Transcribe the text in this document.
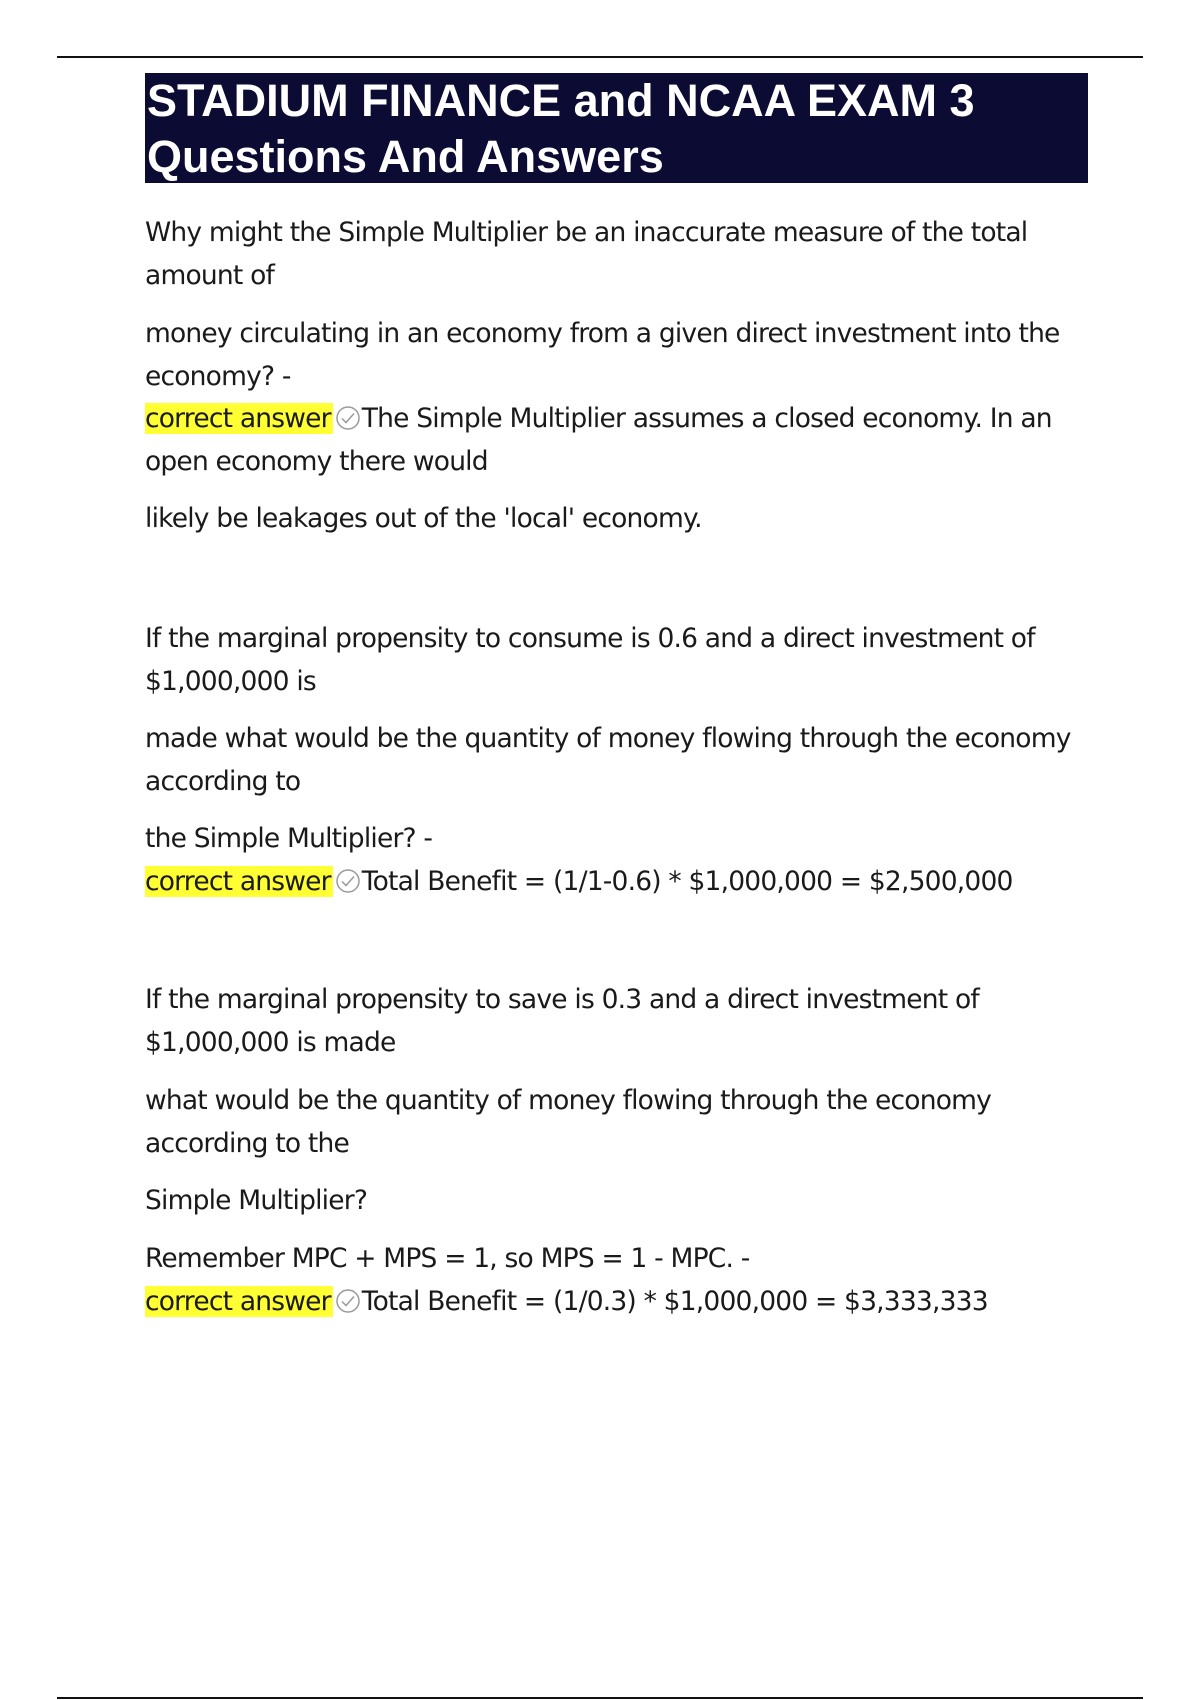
STADIUM FINANCE and NCAA EXAM 3
Questions And Answers

Why might the Simple Multiplier be an inaccurate measure of the total amount of

money circulating in an economy from a given direct investment into the economy? -
correct answer The Simple Multiplier assumes a closed economy. In an open economy there would

likely be leakages out of the 'local' economy.

If the marginal propensity to consume is 0.6 and a direct investment of $1,000,000 is

made what would be the quantity of money flowing through the economy according to

the Simple Multiplier? -
correct answer Total Benefit = (1/1-0.6) * $1,000,000 = $2,500,000

If the marginal propensity to save is 0.3 and a direct investment of $1,000,000 is made

what would be the quantity of money flowing through the economy according to the

Simple Multiplier?

Remember MPC + MPS = 1, so MPS = 1 - MPC. -
correct answer Total Benefit = (1/0.3) * $1,000,000 = $3,333,333
